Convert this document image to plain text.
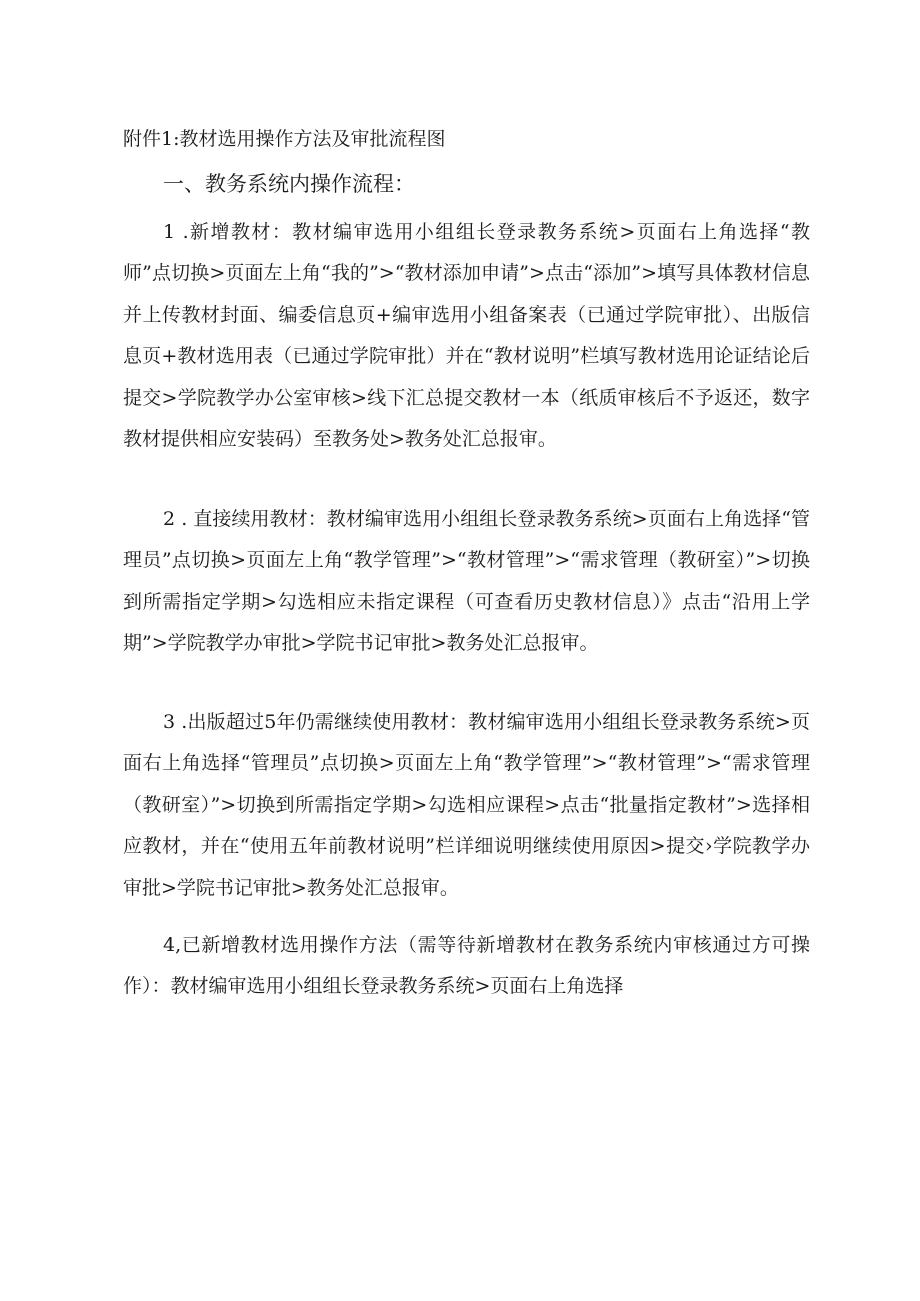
附件1:教材选用操作方法及审批流程图
一、教务系统内操作流程：

1 .新增教材：教材编审选用小组组长登录教务系统>页面右上角选择“教师”点切换>页面左上角“我的”>“教材添加申请”>点击“添加”>填写具体教材信息并上传教材封面、编委信息页+编审选用小组备案表（已通过学院审批）、出版信息页+教材选用表（已通过学院审批）并在“教材说明”栏填写教材选用论证结论后提交>学院教学办公室审核>线下汇总提交教材一本（纸质审核后不予返还，数字教材提供相应安装码）至教务处>教务处汇总报审。

2 . 直接续用教材：教材编审选用小组组长登录教务系统>页面右上角选择“管理员”点切换>页面左上角“教学管理”>“教材管理”>“需求管理（教研室）”>切换到所需指定学期>勾选相应未指定课程（可查看历史教材信息）》点击“沿用上学期”>学院教学办审批>学院书记审批>教务处汇总报审。

3 .出版超过5年仍需继续使用教材：教材编审选用小组组长登录教务系统>页面右上角选择“管理员”点切换>页面左上角“教学管理”>“教材管理”>“需求管理（教研室）”>切换到所需指定学期>勾选相应课程>点击“批量指定教材”>选择相应教材，并在“使用五年前教材说明”栏详细说明继续使用原因>提交›学院教学办审批>学院书记审批>教务处汇总报审。

4,已新增教材选用操作方法（需等待新增教材在教务系统内审核通过方可操作）：教材编审选用小组组长登录教务系统>页面右上角选择
